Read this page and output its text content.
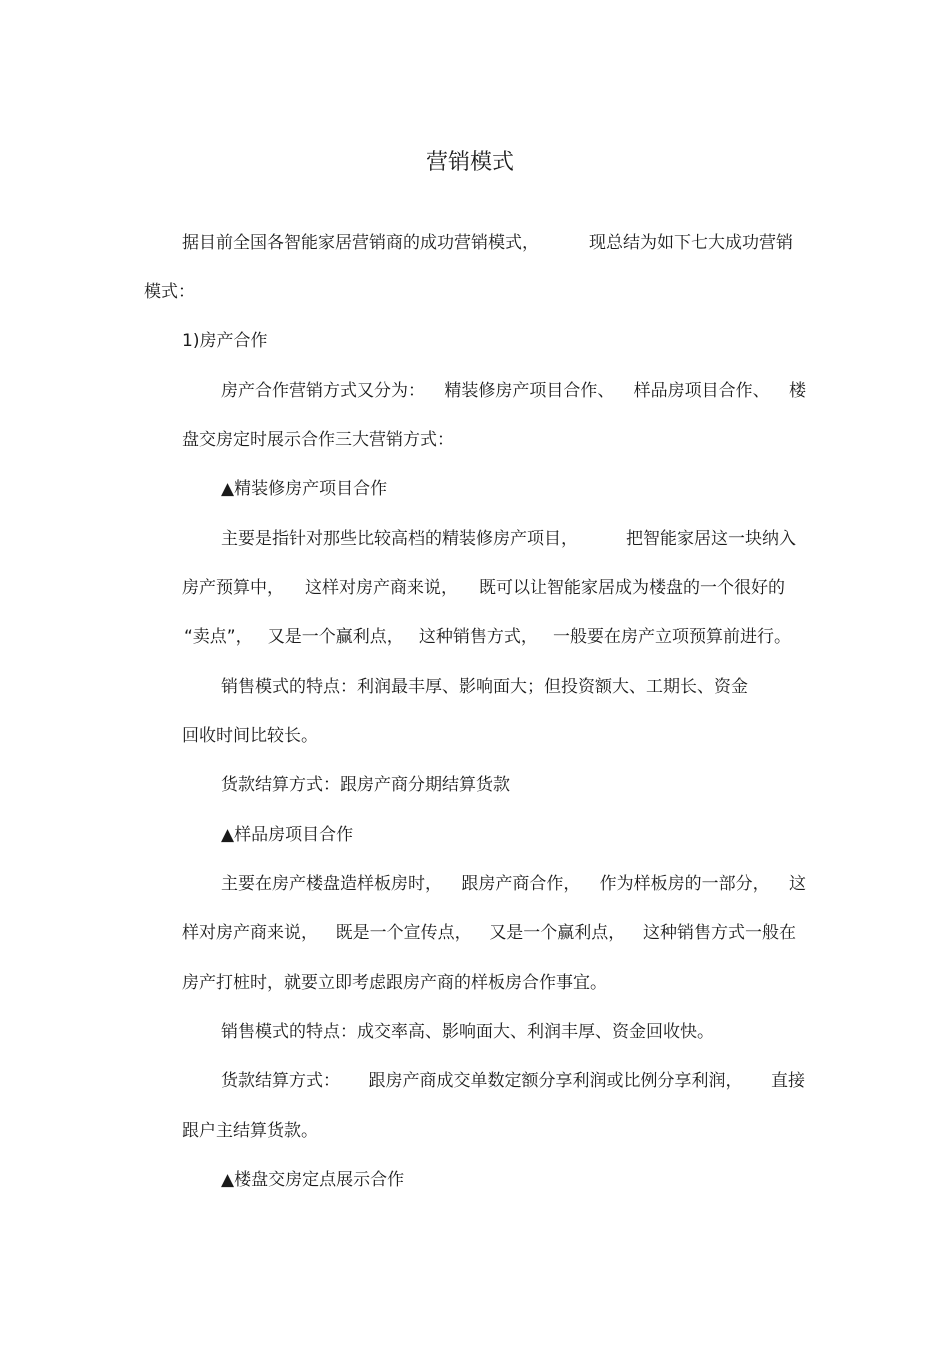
营销模式
据目前全国各智能家居营销商的成功营销模式，	现总结为如下七大成功营销
模式：
1)房产合作
房产合作营销方式又分为： 精装修房产项目合作、 样品房项目合作、 楼
盘交房定时展示合作三大营销方式：
▲精装修房产项目合作
主要是指针对那些比较高档的精装修房产项目，	把智能家居这一块纳入
房产预算中， 这样对房产商来说， 既可以让智能家居成为楼盘的一个很好的
“卖点”， 又是一个赢利点， 这种销售方式， 一般要在房产立项预算前进行。
销售模式的特点：利润最丰厚、影响面大；但投资额大、工期长、资金
回收时间比较长。
货款结算方式：跟房产商分期结算货款
▲样品房项目合作
主要在房产楼盘造样板房时， 跟房产商合作， 作为样板房的一部分， 这
样对房产商来说， 既是一个宣传点， 又是一个赢利点， 这种销售方式一般在
房产打桩时，就要立即考虑跟房产商的样板房合作事宜。
销售模式的特点：成交率高、影响面大、利润丰厚、资金回收快。
货款结算方式： 跟房产商成交单数定额分享利润或比例分享利润， 直接
跟户主结算货款。
▲楼盘交房定点展示合作
